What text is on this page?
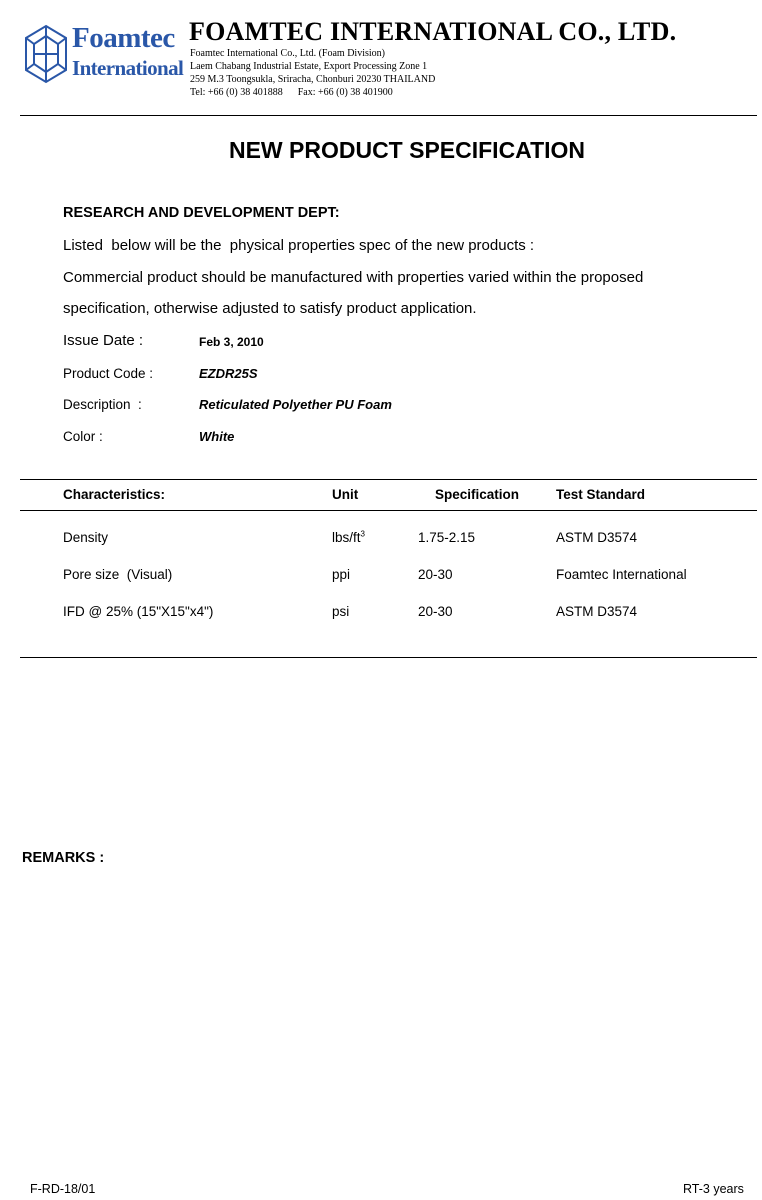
Foamtec
International
FOAMTEC INTERNATIONAL CO., LTD.
Foamtec International Co., Ltd. (Foam Division)
Laem Chabang Industrial Estate, Export Processing Zone 1
259 M.3 Toongsukla, Sriracha, Chonburi 20230 THAILAND
Tel: +66 (0) 38 401888      Fax: +66 (0) 38 401900
NEW PRODUCT SPECIFICATION
RESEARCH AND DEVELOPMENT DEPT:
Listed  below will be the  physical properties spec of the new products :
Commercial product should be manufactured with properties varied within the proposed
specification, otherwise adjusted to satisfy product application.
Issue Date :	Feb 3, 2010
Product Code :	EZDR25S
Description  :	Reticulated Polyether PU Foam
Color :	White
Characteristics:	Unit	Specification	Test Standard
Density	lbs/$ft^3$	1.75-2.15	ASTM D3574
Pore size  (Visual)	ppi	20-30	Foamtec International
IFD @ 25% (15"X15"x4")	psi	20-30	ASTM D3574
REMARKS :
F-RD-18/01	RT-3 years
